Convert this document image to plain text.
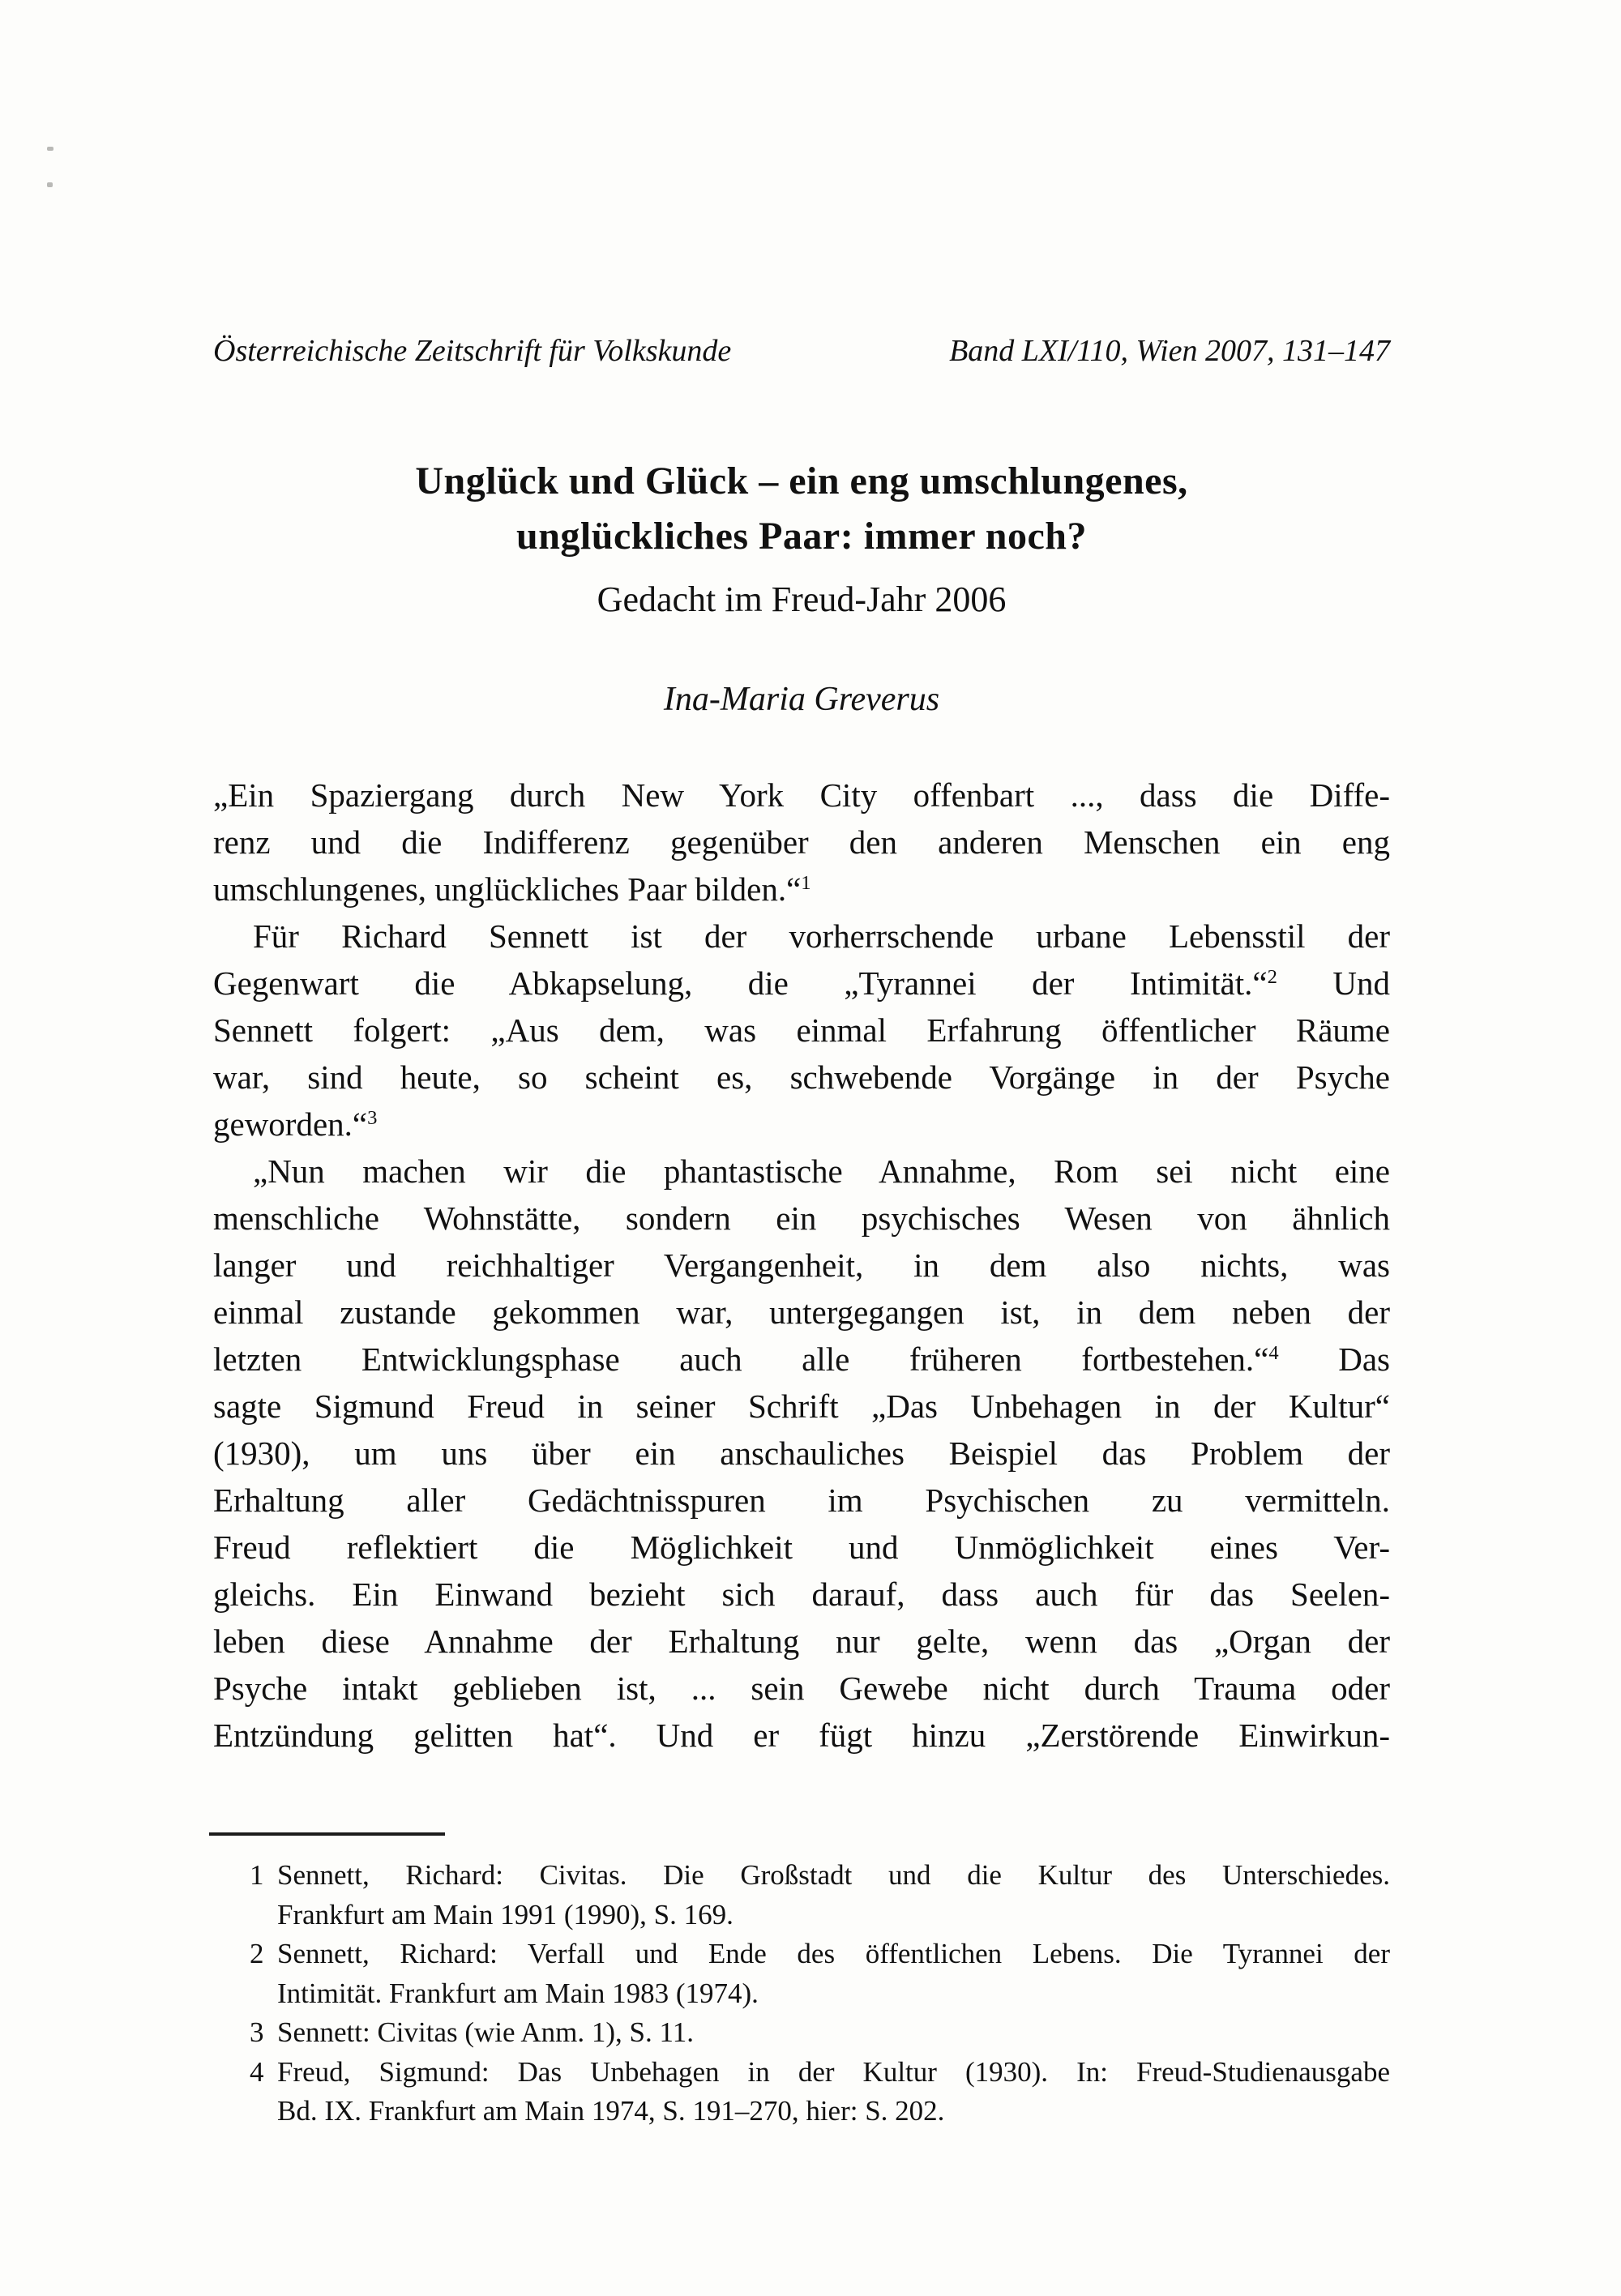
Österreichische Zeitschrift für Volkskunde	Band LXI/110, Wien 2007, 131–147
Unglück und Glück – ein eng umschlungenes,
unglückliches Paar: immer noch?
Gedacht im Freud-Jahr 2006
Ina-Maria Greverus
„Ein Spaziergang durch New York City offenbart ..., dass die Diffe-
renz und die Indifferenz gegenüber den anderen Menschen ein eng
umschlungenes, unglückliches Paar bilden.“$^1$
Für Richard Sennett ist der vorherrschende urbane Lebensstil der
Gegenwart die Abkapselung, die „Tyrannei der Intimität.“$^2$ Und
Sennett folgert: „Aus dem, was einmal Erfahrung öffentlicher Räume
war, sind heute, so scheint es, schwebende Vorgänge in der Psyche
geworden.“$^3$
„Nun machen wir die phantastische Annahme, Rom sei nicht eine
menschliche Wohnstätte, sondern ein psychisches Wesen von ähnlich
langer und reichhaltiger Vergangenheit, in dem also nichts, was
einmal zustande gekommen war, untergegangen ist, in dem neben der
letzten Entwicklungsphase auch alle früheren fortbestehen.“$^4$ Das
sagte Sigmund Freud in seiner Schrift „Das Unbehagen in der Kultur“
(1930), um uns über ein anschauliches Beispiel das Problem der
Erhaltung aller Gedächtnisspuren im Psychischen zu vermitteln.
Freud reflektiert die Möglichkeit und Unmöglichkeit eines Ver-
gleichs. Ein Einwand bezieht sich darauf, dass auch für das Seelen-
leben diese Annahme der Erhaltung nur gelte, wenn das „Organ der
Psyche intakt geblieben ist, ... sein Gewebe nicht durch Trauma oder
Entzündung gelitten hat“. Und er fügt hinzu „Zerstörende Einwirkun-
1 Sennett, Richard: Civitas. Die Großstadt und die Kultur des Unterschiedes.
Frankfurt am Main 1991 (1990), S. 169.
2 Sennett, Richard: Verfall und Ende des öffentlichen Lebens. Die Tyrannei der
Intimität. Frankfurt am Main 1983 (1974).
3 Sennett: Civitas (wie Anm. 1), S. 11.
4 Freud, Sigmund: Das Unbehagen in der Kultur (1930). In: Freud-Studienausgabe
Bd. IX. Frankfurt am Main 1974, S. 191–270, hier: S. 202.
